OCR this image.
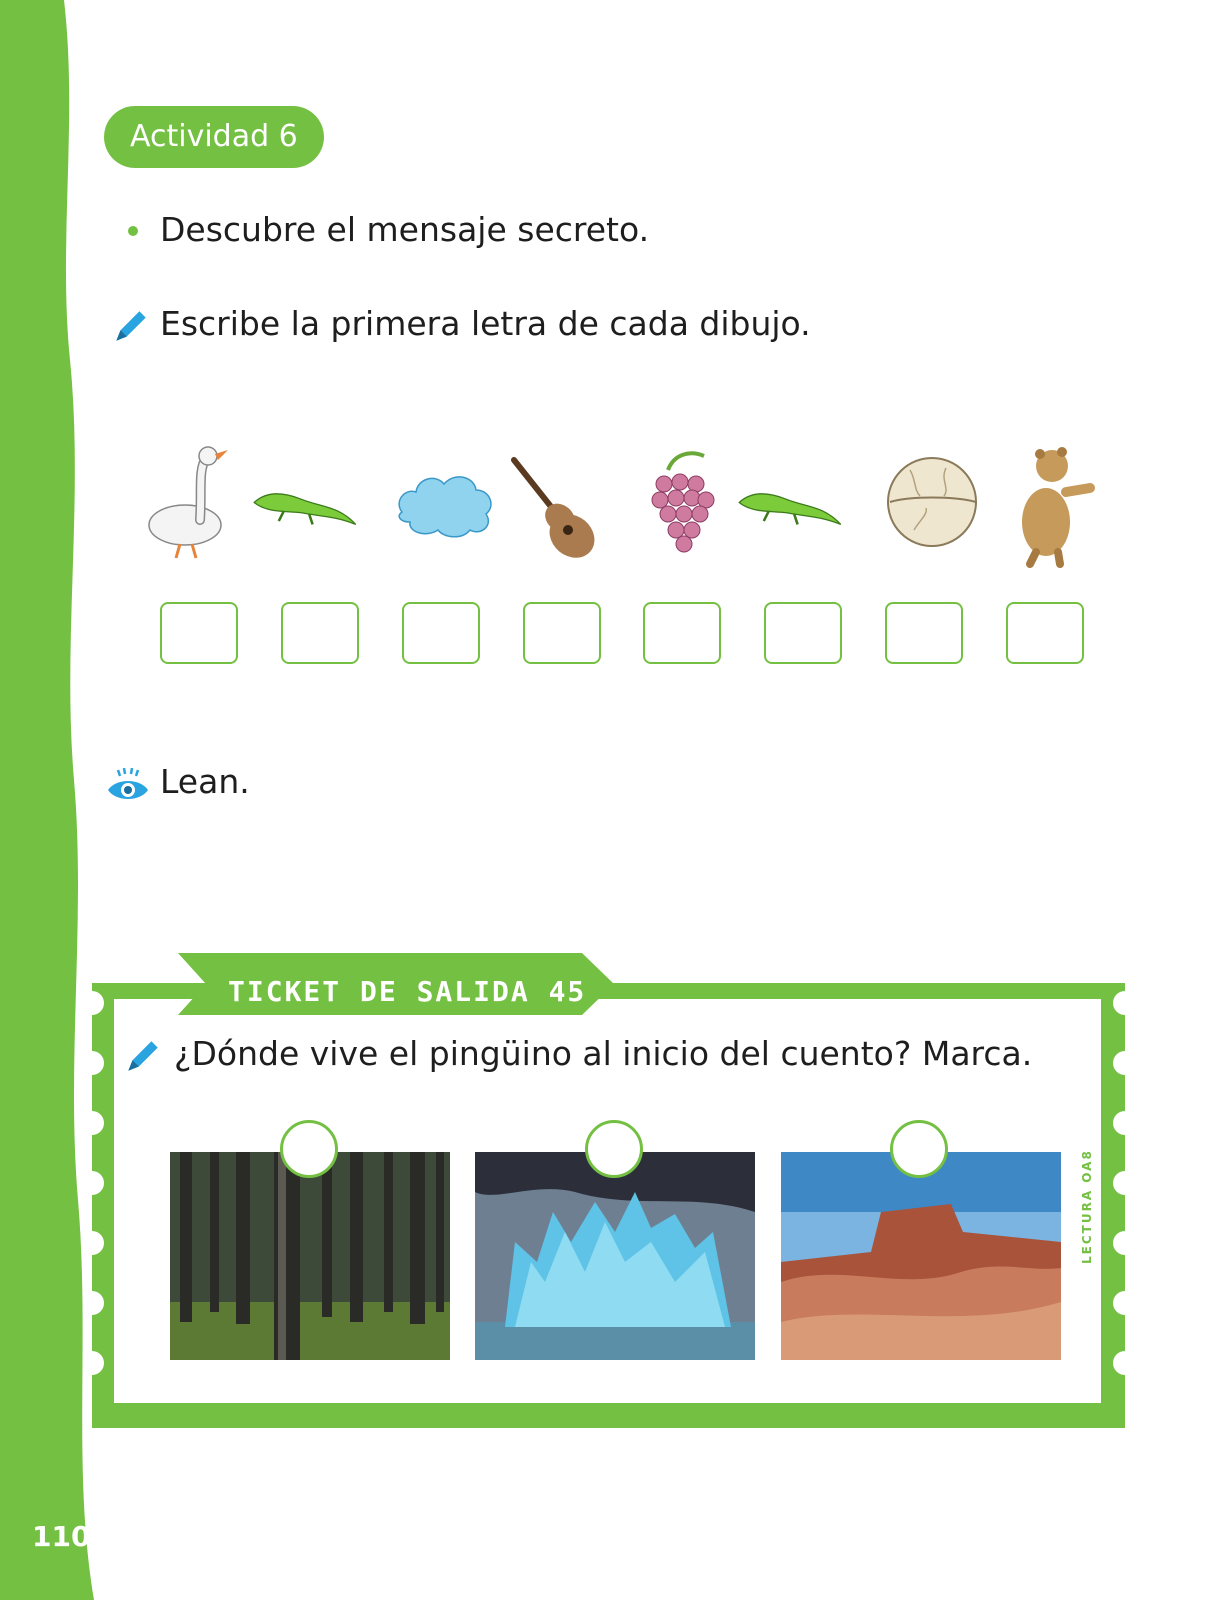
110
Actividad 6
Descubre el mensaje secreto.
Escribe la primera letra de cada dibujo.
Lean.
TICKET DE SALIDA 45
¿Dónde vive el pingüino al inicio del cuento? Marca.
LECTURA OA8
